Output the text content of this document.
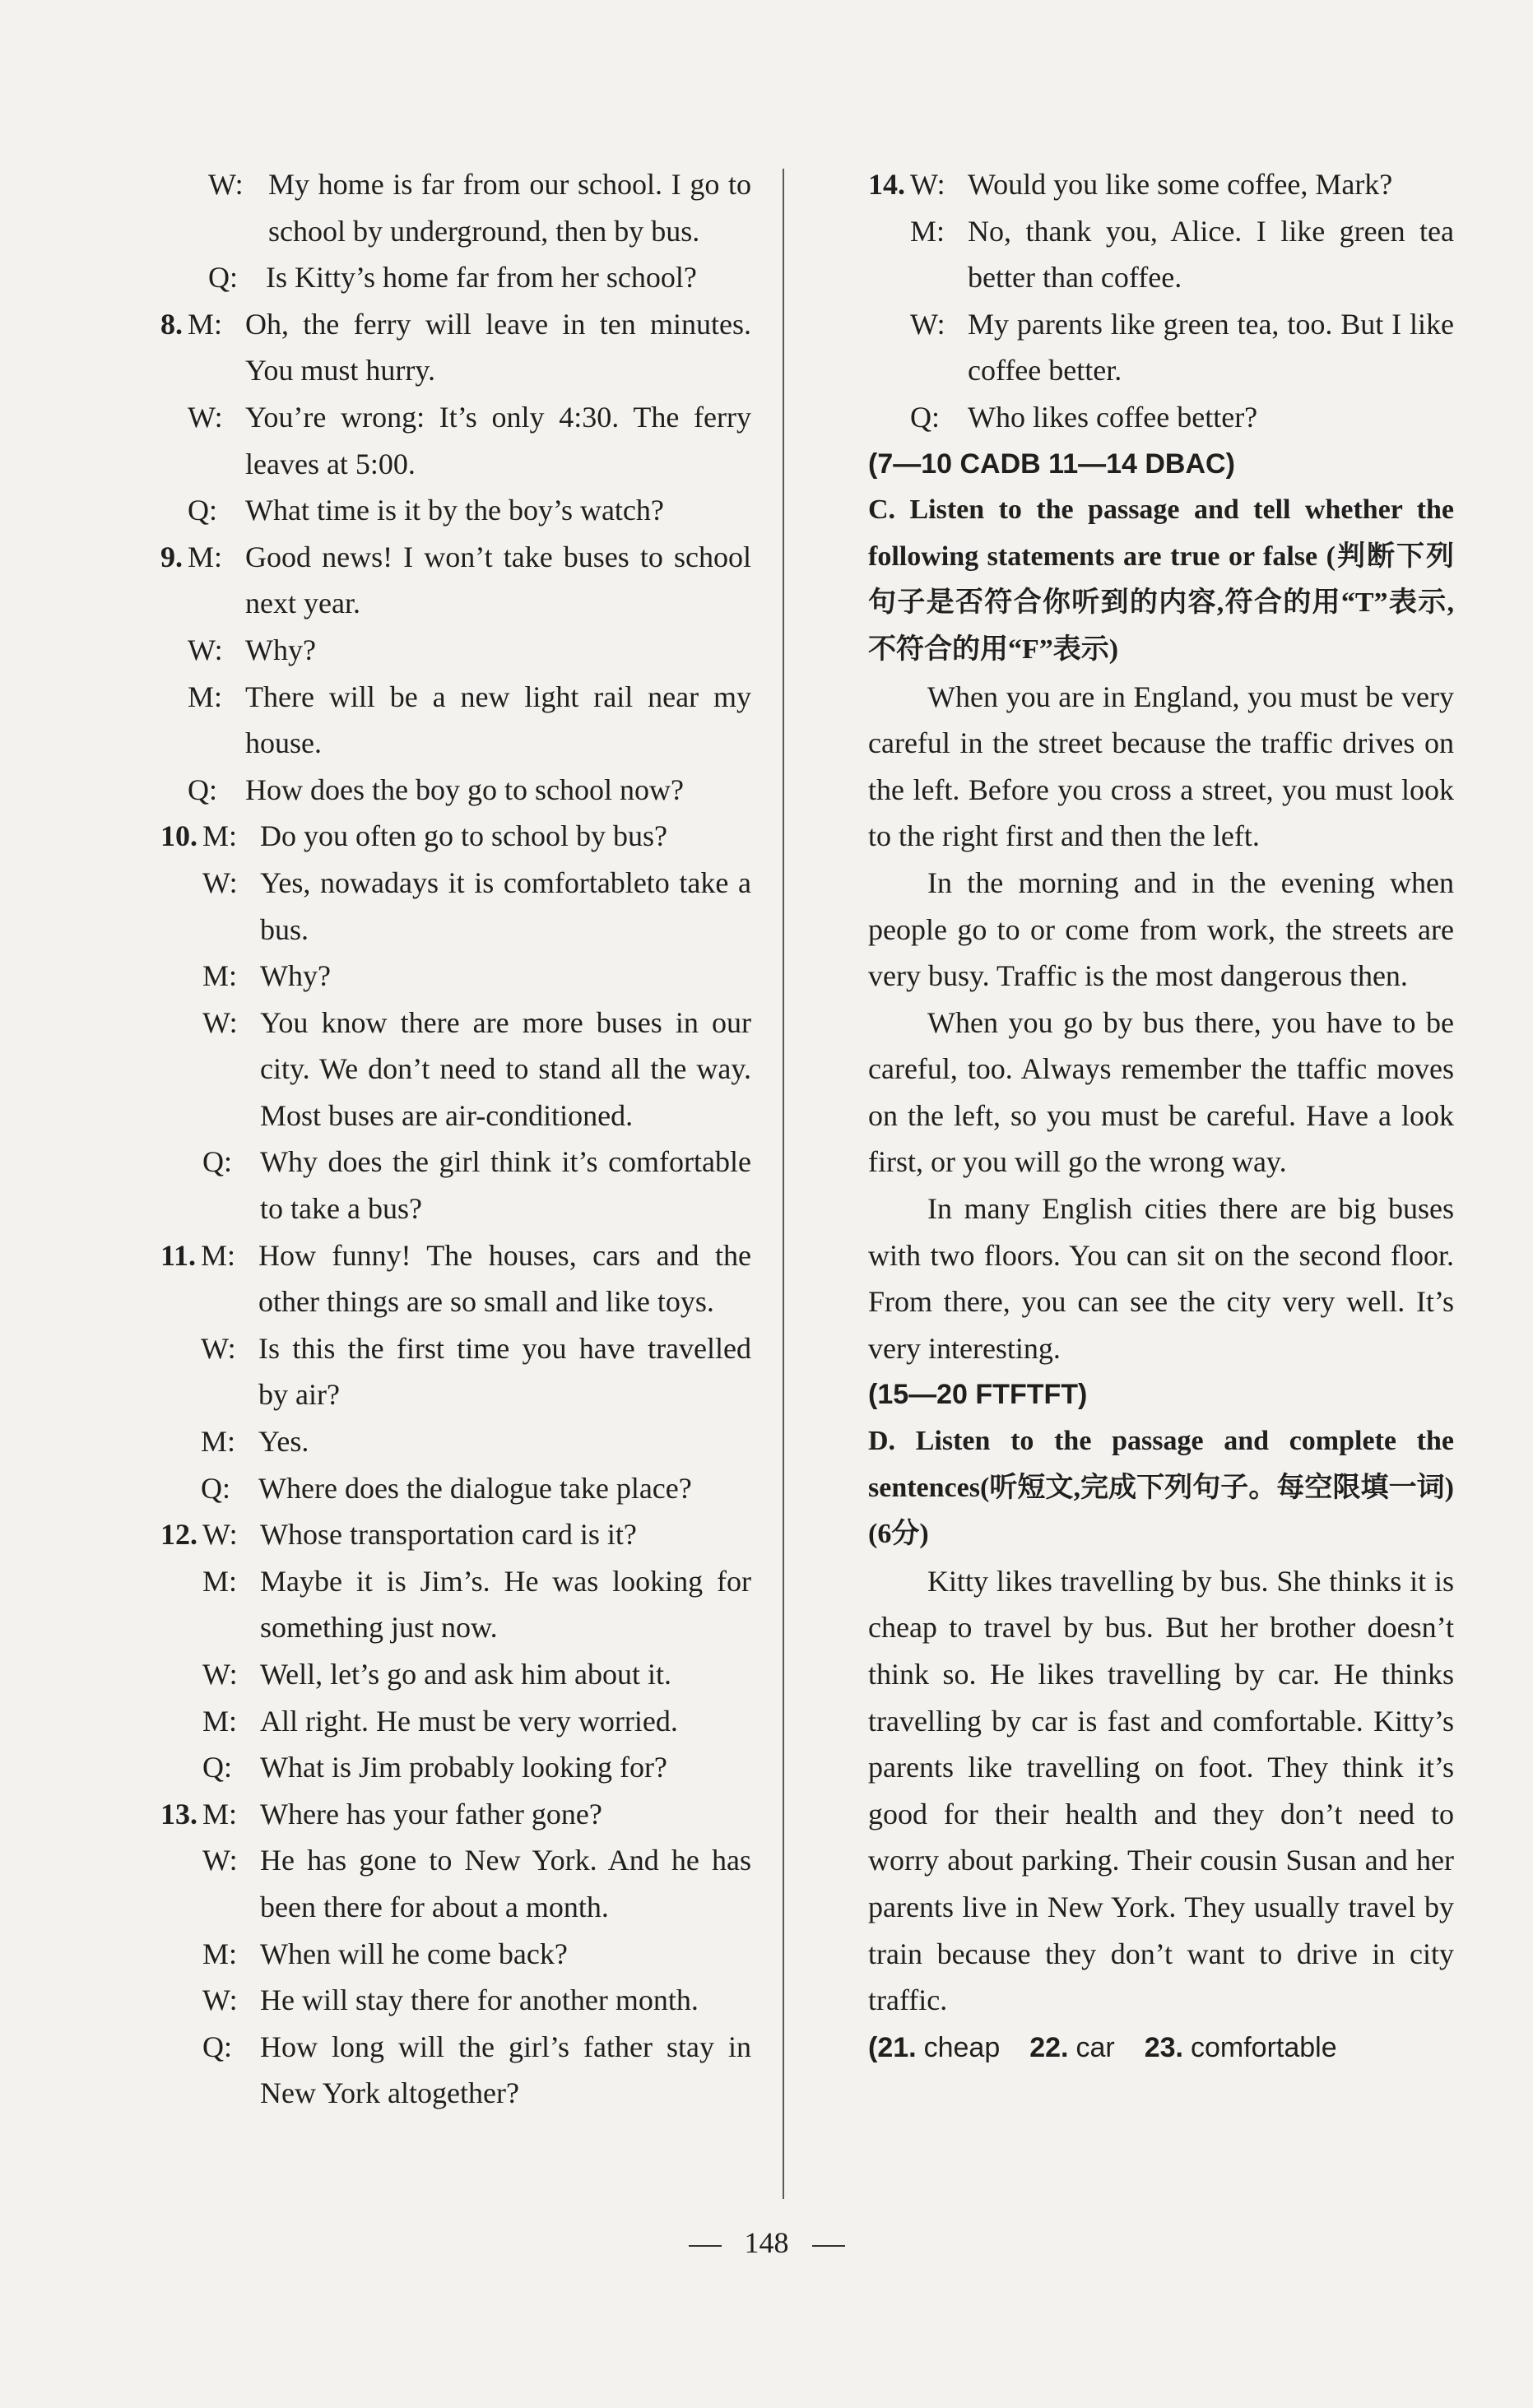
W: My home is far from our school. I go to school by underground, then by bus.
Q: Is Kitty’s home far from her school?
8. M: Oh, the ferry will leave in ten minutes. You must hurry.
W: You’re wrong: It’s only 4:30. The ferry leaves at 5:00.
Q: What time is it by the boy’s watch?
9. M: Good news! I won’t take buses to school next year.
W: Why?
M: There will be a new light rail near my house.
Q: How does the boy go to school now?
10. M: Do you often go to school by bus?
W: Yes, nowadays it is comfortableto take a bus.
M: Why?
W: You know there are more buses in our city. We don’t need to stand all the way. Most buses are air-conditioned.
Q: Why does the girl think it’s comfortable to take a bus?
11. M: How funny! The houses, cars and the other things are so small and like toys.
W: Is this the first time you have travelled by air?
M: Yes.
Q: Where does the dialogue take place?
12. W: Whose transportation card is it?
M: Maybe it is Jim’s. He was looking for something just now.
W: Well, let’s go and ask him about it.
M: All right. He must be very worried.
Q: What is Jim probably looking for?
13. M: Where has your father gone?
W: He has gone to New York. And he has been there for about a month.
M: When will he come back?
W: He will stay there for another month.
Q: How long will the girl’s father stay in New York altogether?
14. W: Would you like some coffee, Mark?
M: No, thank you, Alice. I like green tea better than coffee.
W: My parents like green tea, too. But I like coffee better.
Q: Who likes coffee better?
(7—10 CADB 11—14 DBAC)
C. Listen to the passage and tell whether the following statements are true or false (判断下列句子是否符合你听到的内容,符合的用“T”表示,不符合的用“F”表示)
When you are in England, you must be very careful in the street because the traffic drives on the left. Before you cross a street, you must look to the right first and then the left.
In the morning and in the evening when people go to or come from work, the streets are very busy. Traffic is the most dangerous then.
When you go by bus there, you have to be careful, too. Always remember the ttaffic moves on the left, so you must be careful. Have a look first, or you will go the wrong way.
In many English cities there are big buses with two floors. You can sit on the second floor. From there, you can see the city very well. It’s very interesting.
(15—20 FTFTFT)
D. Listen to the passage and complete the sentences(听短文,完成下列句子。每空限填一词)(6分)
Kitty likes travelling by bus. She thinks it is cheap to travel by bus. But her brother doesn’t think so. He likes travelling by car. He thinks travelling by car is fast and comfortable. Kitty’s parents like travelling on foot. They think it’s good for their health and they don’t need to worry about parking. Their cousin Susan and her parents live in New York. They usually travel by train because they don’t want to drive in city traffic.
(21. cheap 22. car 23. comfortable
148
